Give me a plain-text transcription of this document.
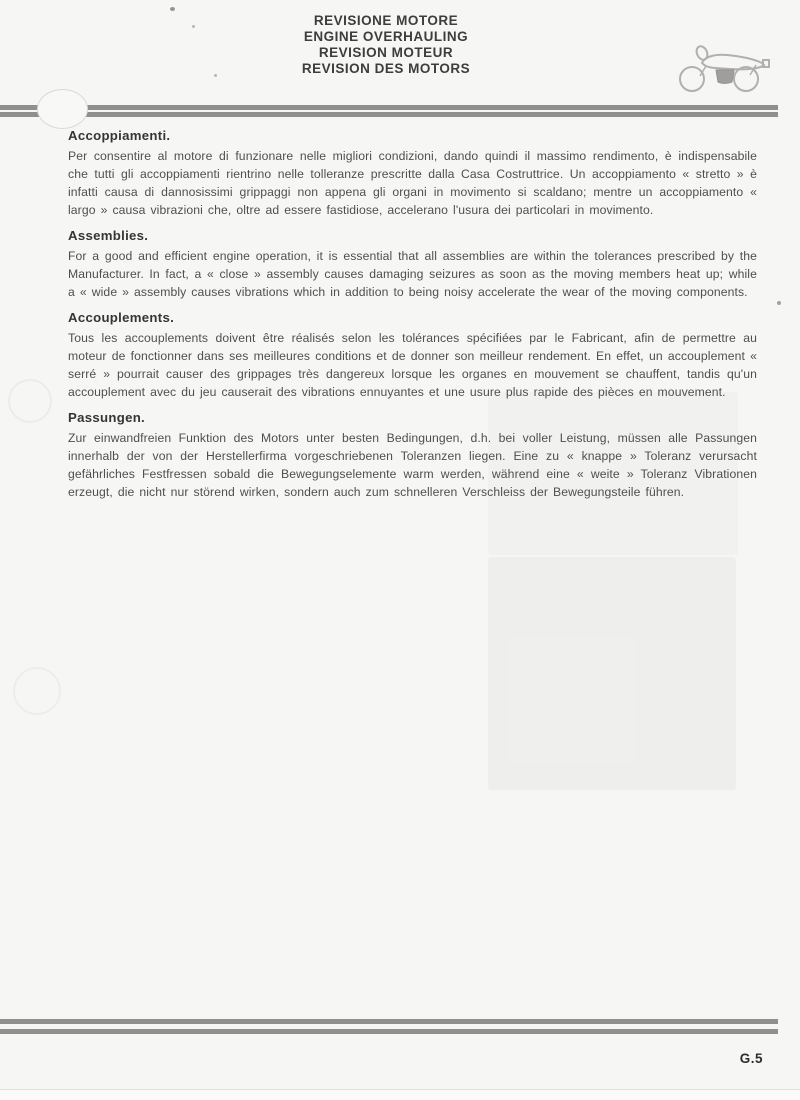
REVISIONE MOTORE
ENGINE OVERHAULING
REVISION MOTEUR
REVISION DES MOTORS
Accoppiamenti.

Per consentire al motore di funzionare nelle migliori condizioni, dando quindi il massimo rendimento, è indispensabile che tutti gli accoppiamenti rientrino nelle tolleranze prescritte dalla Casa Costruttrice. Un accoppiamento « stretto » è infatti causa di dannosissimi grippaggi non appena gli organi in movimento si scaldano; mentre un accoppiamento « largo » causa vibrazioni che, oltre ad essere fastidiose, accelerano l'usura dei particolari in movimento.

Assemblies.

For a good and efficient engine operation, it is essential that all assemblies are within the tolerances prescribed by the Manufacturer. In fact, a « close » assembly causes damaging seizures as soon as the moving members heat up; while a « wide » assembly causes vibrations which in addition to being noisy accelerate the wear of the moving components.

Accouplements.

Tous les accouplements doivent être réalisés selon les tolérances spécifiées par le Fabricant, afin de permettre au moteur de fonctionner dans ses meilleures conditions et de donner son meilleur rendement. En effet, un accouplement « serré » pourrait causer des grippages très dangereux lorsque les organes en mouvement se chauffent, tandis qu'un accouplement avec du jeu causerait des vibrations ennuyantes et une usure plus rapide des pièces en mouvement.

Passungen.

Zur einwandfreien Funktion des Motors unter besten Bedingungen, d.h. bei voller Leistung, müssen alle Passungen innerhalb der von der Herstellerfirma vorgeschriebenen Toleranzen liegen. Eine zu « knappe » Toleranz verursacht gefährliches Festfressen sobald die Bewegungselemente warm werden, während eine « weite » Toleranz Vibrationen erzeugt, die nicht nur störend wirken, sondern auch zum schnelleren Verschleiss der Bewegungsteile führen.

G.5
